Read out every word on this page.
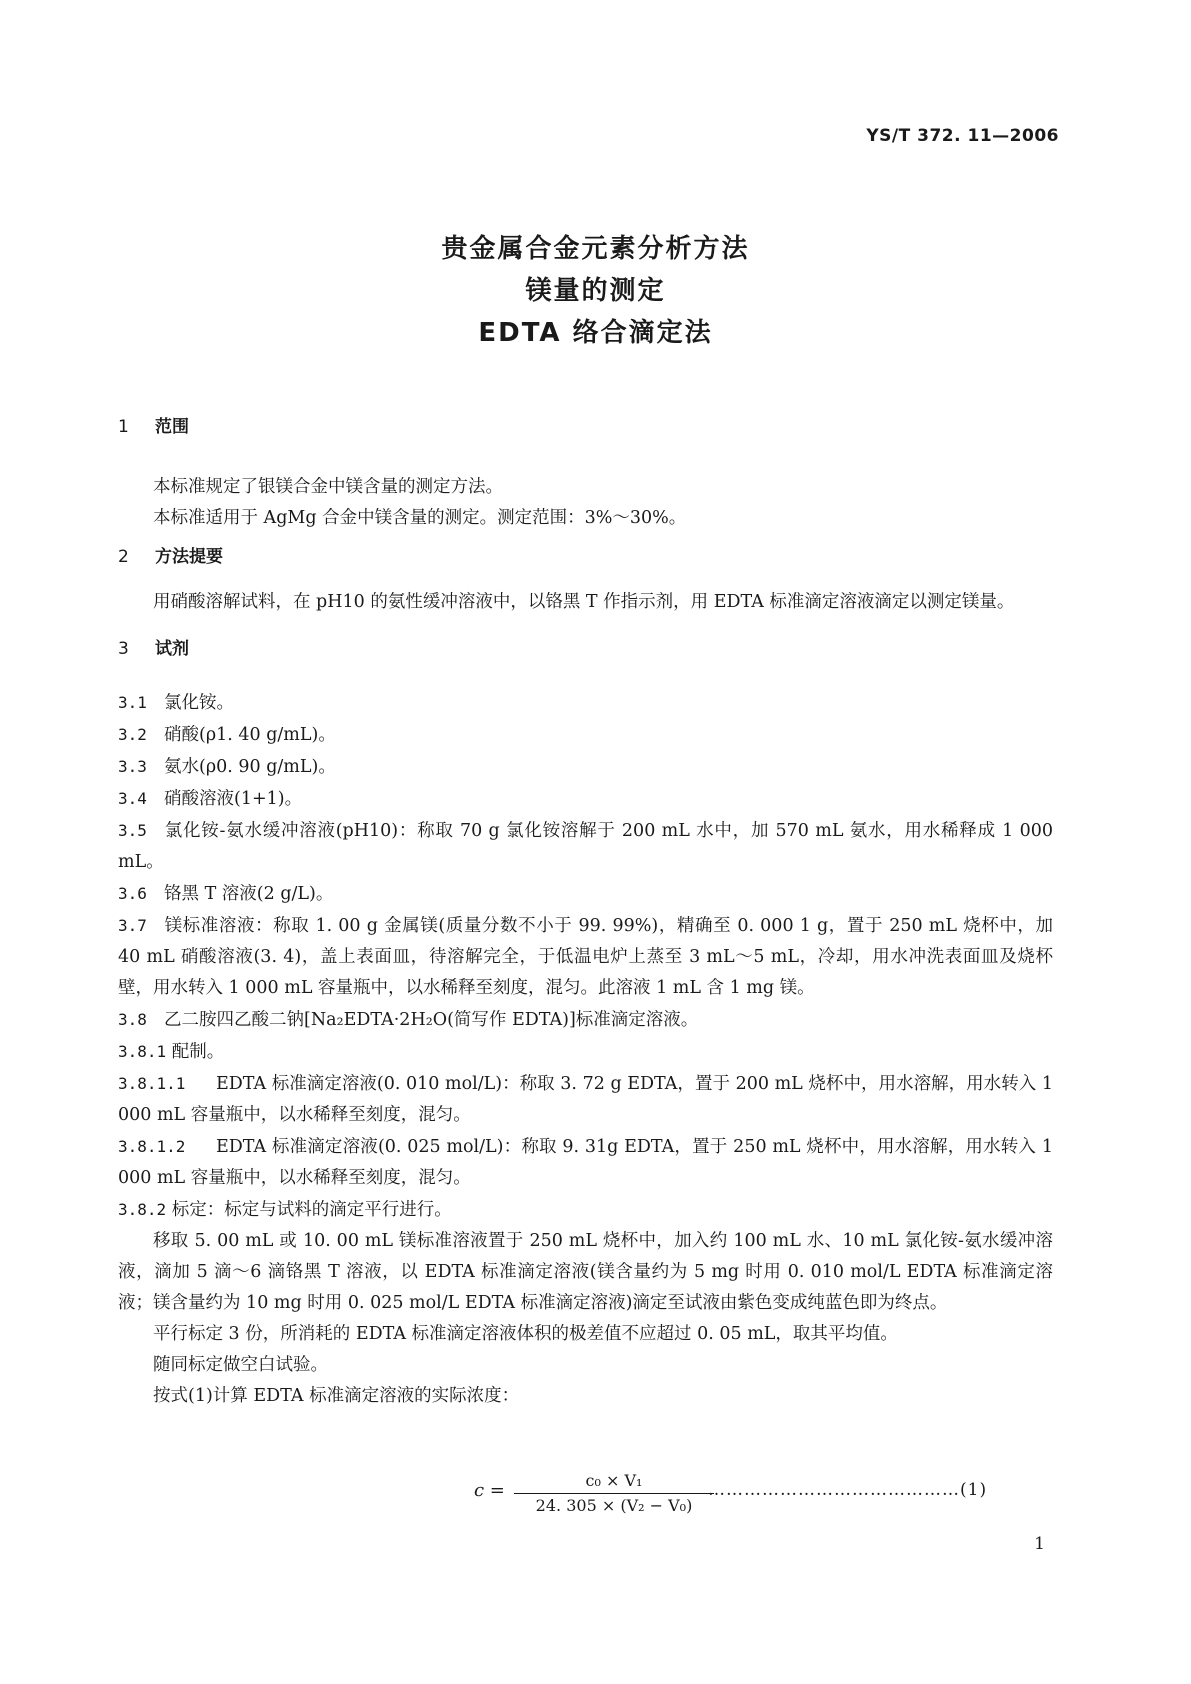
YS/T 372. 11—2006
贵金属合金元素分析方法
镁量的测定
EDTA 络合滴定法
1 范围

本标准规定了银镁合金中镁含量的测定方法。

本标准适用于 AgMg 合金中镁含量的测定。测定范围：3%～30%。

2 方法提要

用硝酸溶解试料，在 pH10 的氨性缓冲溶液中，以铬黑 T 作指示剂，用 EDTA 标准滴定溶液滴定以测定镁量。

3 试剂

3.1 氯化铵。

3.2 硝酸(ρ1. 40 g/mL)。

3.3 氨水(ρ0. 90 g/mL)。

3.4 硝酸溶液(1+1)。

3.5 氯化铵-氨水缓冲溶液(pH10)：称取 70 g 氯化铵溶解于 200 mL 水中，加 570 mL 氨水，用水稀释成 1 000 mL。

3.6 铬黑 T 溶液(2 g/L)。

3.7 镁标准溶液：称取 1. 00 g 金属镁(质量分数不小于 99. 99%)，精确至 0. 000 1 g，置于 250 mL 烧杯中，加 40 mL 硝酸溶液(3. 4)，盖上表面皿，待溶解完全，于低温电炉上蒸至 3 mL～5 mL，冷却，用水冲洗表面皿及烧杯壁，用水转入 1 000 mL 容量瓶中，以水稀释至刻度，混匀。此溶液 1 mL 含 1 mg 镁。

3.8 乙二胺四乙酸二钠[Na₂EDTA·2H₂O(简写作 EDTA)]标准滴定溶液。

3.8.1 配制。

3.8.1.1 EDTA 标准滴定溶液(0. 010 mol/L)：称取 3. 72 g EDTA，置于 200 mL 烧杯中，用水溶解，用水转入 1 000 mL 容量瓶中，以水稀释至刻度，混匀。

3.8.1.2 EDTA 标准滴定溶液(0. 025 mol/L)：称取 9. 31g EDTA，置于 250 mL 烧杯中，用水溶解，用水转入 1 000 mL 容量瓶中，以水稀释至刻度，混匀。

3.8.2 标定：标定与试料的滴定平行进行。

移取 5. 00 mL 或 10. 00 mL 镁标准溶液置于 250 mL 烧杯中，加入约 100 mL 水、10 mL 氯化铵-氨水缓冲溶液，滴加 5 滴～6 滴铬黑 T 溶液，以 EDTA 标准滴定溶液(镁含量约为 5 mg 时用 0. 010 mol/L EDTA 标准滴定溶液；镁含量约为 10 mg 时用 0. 025 mol/L EDTA 标准滴定溶液)滴定至试液由紫色变成纯蓝色即为终点。

平行标定 3 份，所消耗的 EDTA 标准滴定溶液体积的极差值不应超过 0. 05 mL，取其平均值。

随同标定做空白试验。

按式(1)计算 EDTA 标准滴定溶液的实际浓度：

c =	c₀ × V₁
24. 305 × (V₂ − V₀)
……………………………………(1)
1
